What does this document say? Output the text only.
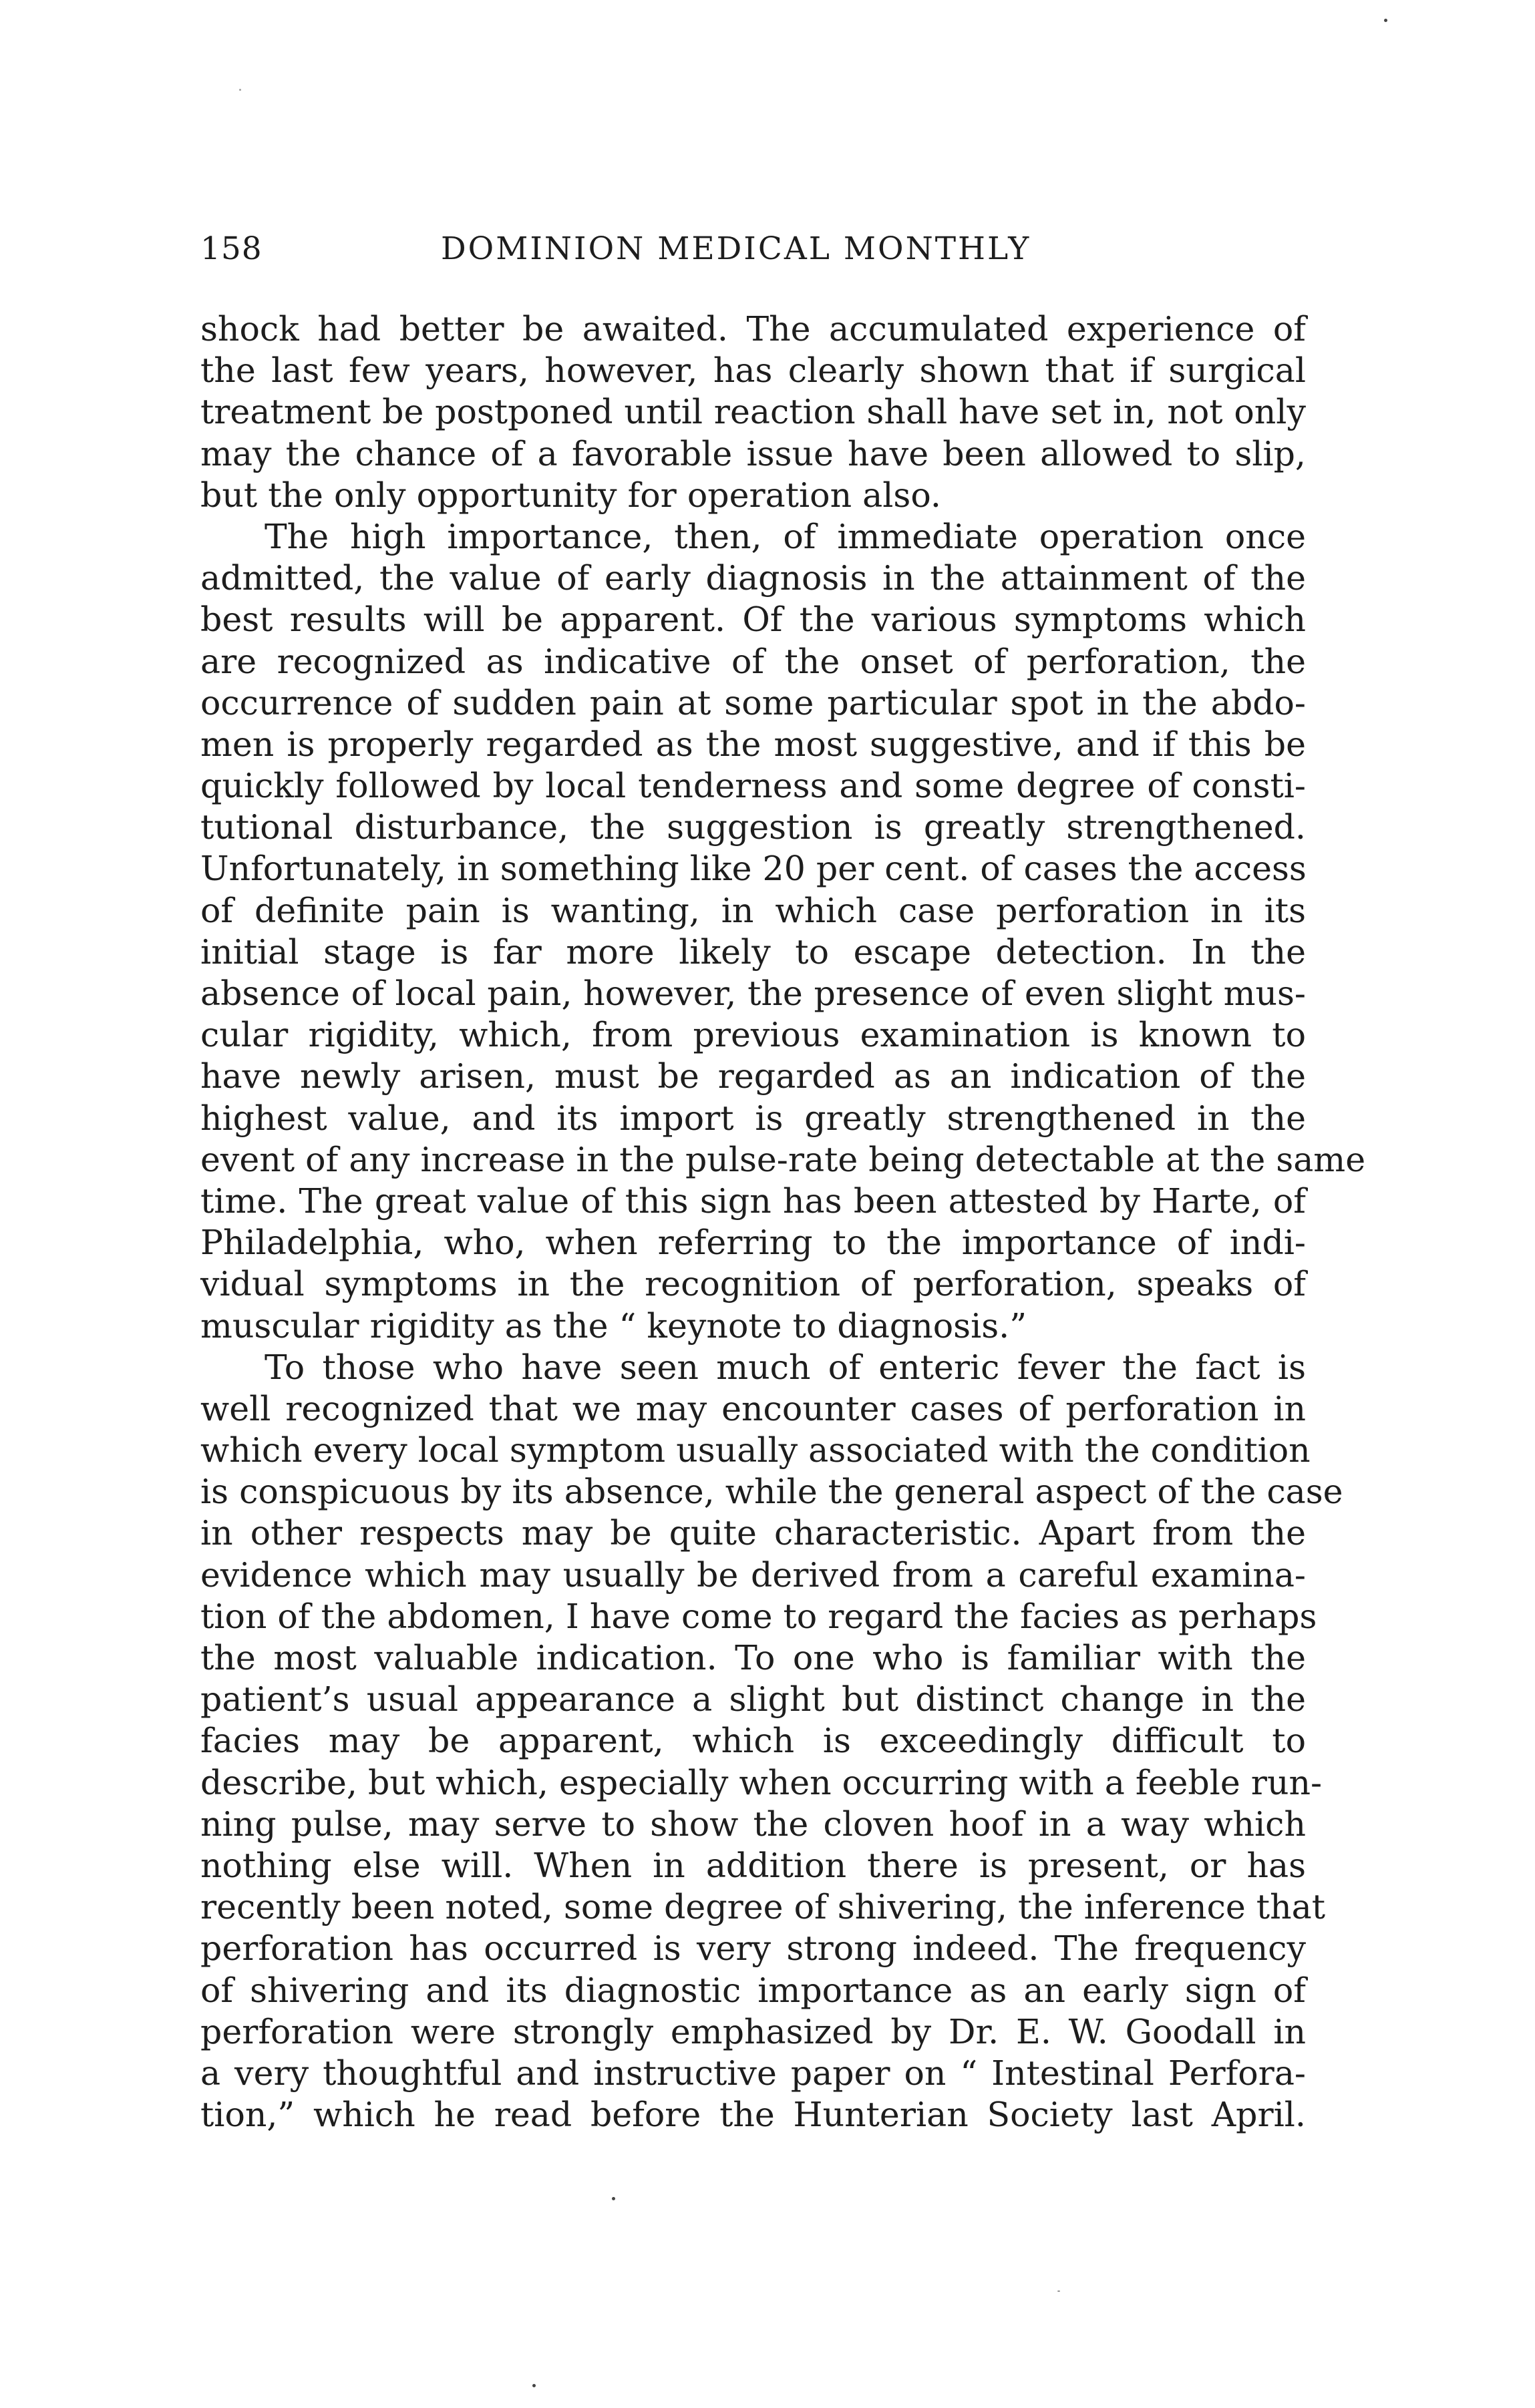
158	DOMINION MEDICAL MONTHLY
shock had better be awaited. The accumulated experience of
the last few years, however, has clearly shown that if surgical
treatment be postponed until reaction shall have set in, not only
may the chance of a favorable issue have been allowed to slip,
but the only opportunity for operation also.
The high importance, then, of immediate operation once
admitted, the value of early diagnosis in the attainment of the
best results will be apparent. Of the various symptoms which
are recognized as indicative of the onset of perforation, the
occurrence of sudden pain at some particular spot in the abdo-
men is properly regarded as the most suggestive, and if this be
quickly followed by local tenderness and some degree of consti-
tutional disturbance, the suggestion is greatly strengthened.
Unfortunately, in something like 20 per cent. of cases the access
of definite pain is wanting, in which case perforation in its
initial stage is far more likely to escape detection. In the
absence of local pain, however, the presence of even slight mus-
cular rigidity, which, from previous examination is known to
have newly arisen, must be regarded as an indication of the
highest value, and its import is greatly strengthened in the
event of any increase in the pulse-rate being detectable at the same
time. The great value of this sign has been attested by Harte, of
Philadelphia, who, when referring to the importance of indi-
vidual symptoms in the recognition of perforation, speaks of
muscular rigidity as the “ keynote to diagnosis.”
To those who have seen much of enteric fever the fact is
well recognized that we may encounter cases of perforation in
which every local symptom usually associated with the condition
is conspicuous by its absence, while the general aspect of the case
in other respects may be quite characteristic. Apart from the
evidence which may usually be derived from a careful examina-
tion of the abdomen, I have come to regard the facies as perhaps
the most valuable indication. To one who is familiar with the
patient’s usual appearance a slight but distinct change in the
facies may be apparent, which is exceedingly difficult to
describe, but which, especially when occurring with a feeble run-
ning pulse, may serve to show the cloven hoof in a way which
nothing else will. When in addition there is present, or has
recently been noted, some degree of shivering, the inference that
perforation has occurred is very strong indeed. The frequency
of shivering and its diagnostic importance as an early sign of
perforation were strongly emphasized by Dr. E. W. Goodall in
a very thoughtful and instructive paper on “ Intestinal Perfora-
tion,” which he read before the Hunterian Society last April.
